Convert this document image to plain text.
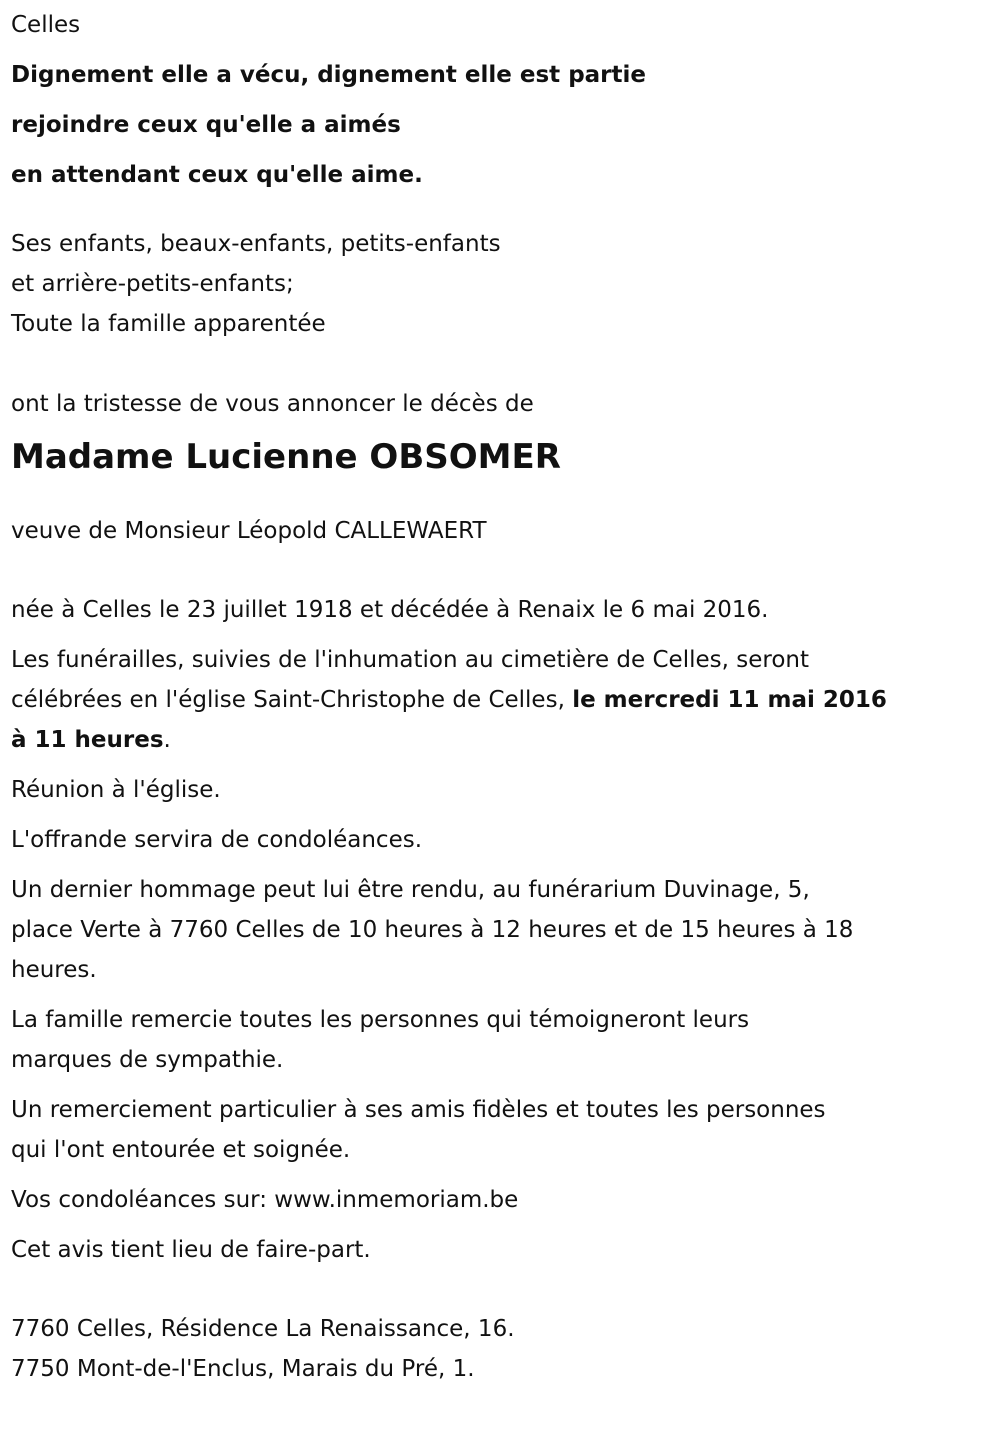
Celles
Dignement elle a vécu, dignement elle est partie
rejoindre ceux qu'elle a aimés
en attendant ceux qu'elle aime.
Ses enfants, beaux-enfants, petits-enfants
et arrière-petits-enfants;
Toute la famille apparentée
ont la tristesse de vous annoncer le décès de
Madame Lucienne OBSOMER
veuve de Monsieur Léopold CALLEWAERT
née à Celles le 23 juillet 1918 et décédée à Renaix le 6 mai 2016.
Les funérailles, suivies de l'inhumation au cimetière de Celles, seront
célébrées en l'église Saint-Christophe de Celles, le mercredi 11 mai 2016
à 11 heures.
Réunion à l'église.
L'offrande servira de condoléances.
Un dernier hommage peut lui être rendu, au funérarium Duvinage, 5,
place Verte à 7760 Celles de 10 heures à 12 heures et de 15 heures à 18
heures.
La famille remercie toutes les personnes qui témoigneront leurs
marques de sympathie.
Un remerciement particulier à ses amis fidèles et toutes les personnes
qui l'ont entourée et soignée.
Vos condoléances sur: www.inmemoriam.be
Cet avis tient lieu de faire-part.
7760 Celles, Résidence La Renaissance, 16.
7750 Mont-de-l'Enclus, Marais du Pré, 1.
